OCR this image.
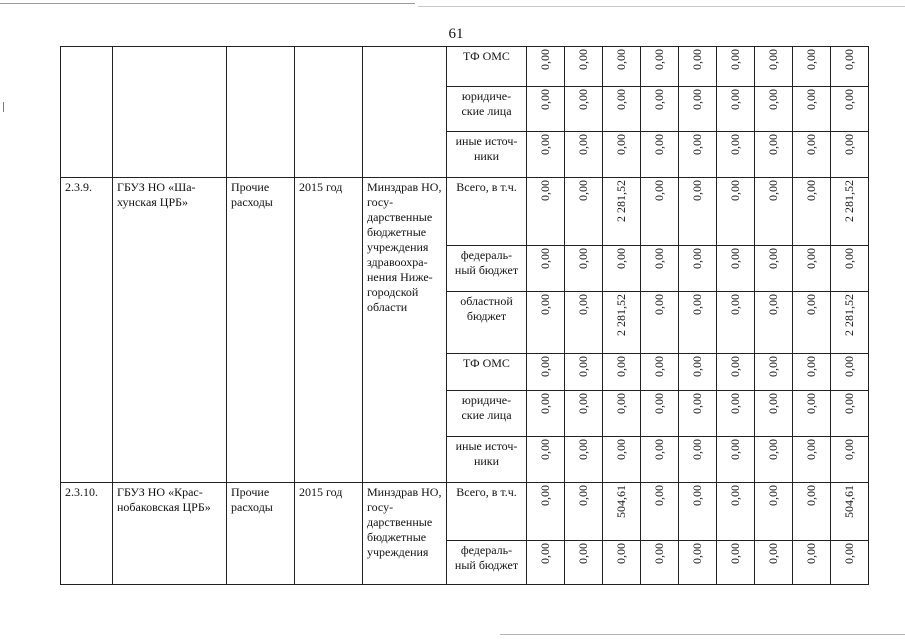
61
					ТФ ОМС	0,00	0,00	0,00	0,00	0,00	0,00	0,00	0,00	0,00
					юридиче-ские лица	0,00	0,00	0,00	0,00	0,00	0,00	0,00	0,00	0,00
					иные источ-ники	0,00	0,00	0,00	0,00	0,00	0,00	0,00	0,00	0,00
2.3.9.	ГБУЗ НО «Ша-хунская ЦРБ»	Прочие расходы	2015 год	Минздрав НО, госу-дарственные бюджетные учреждения здравоохра-нения Ниже-городской области	Всего, в т.ч.	0,00	0,00	2 281,52	0,00	0,00	0,00	0,00	0,00	2 281,52
					федераль-ный бюджет	0,00	0,00	0,00	0,00	0,00	0,00	0,00	0,00	0,00
					областной бюджет	0,00	0,00	2 281,52	0,00	0,00	0,00	0,00	0,00	2 281,52
					ТФ ОМС	0,00	0,00	0,00	0,00	0,00	0,00	0,00	0,00	0,00
					юридиче-ские лица	0,00	0,00	0,00	0,00	0,00	0,00	0,00	0,00	0,00
					иные источ-ники	0,00	0,00	0,00	0,00	0,00	0,00	0,00	0,00	0,00
2.3.10.	ГБУЗ НО «Крас-нобаковская ЦРБ»	Прочие расходы	2015 год	Минздрав НО, госу-дарственные бюджетные учреждения	Всего, в т.ч.	0,00	0,00	504,61	0,00	0,00	0,00	0,00	0,00	504,61
					федераль-ный бюджет	0,00	0,00	0,00	0,00	0,00	0,00	0,00	0,00	0,00
